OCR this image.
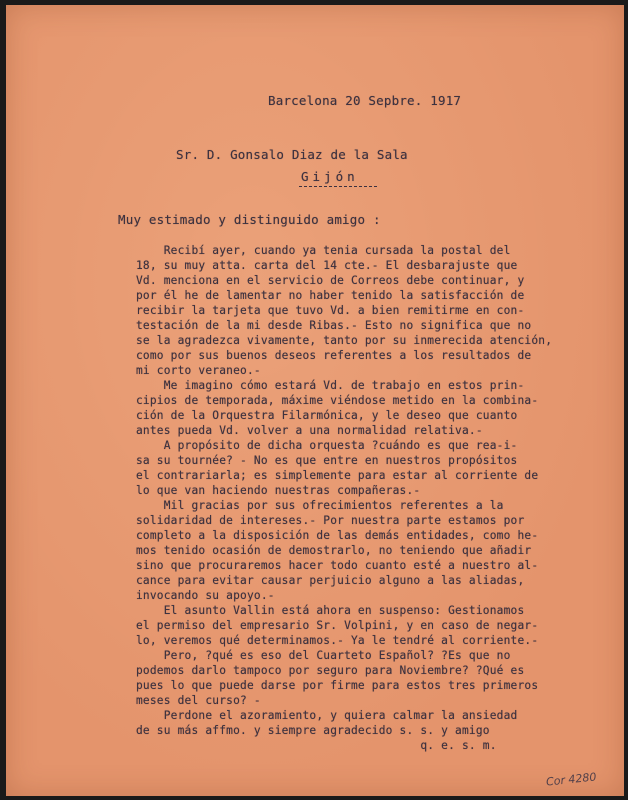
Barcelona 20 Sepbre. 1917
Sr. D. Gonsalo Diaz de la Sala
Gijón
Muy estimado y distinguido amigo :
Recibí ayer, cuando ya tenia cursada la postal del
18, su muy atta. carta del 14 cte.- El desbarajuste que
Vd. menciona en el servicio de Correos debe continuar, y
por él he de lamentar no haber tenido la satisfacción de
recibir la tarjeta que tuvo Vd. a bien remitirme en con-
testación de la mi desde Ribas.- Esto no significa que no
se la agradezca vivamente, tanto por su inmerecida atención,
como por sus buenos deseos referentes a los resultados de
mi corto veraneo.-
Me imagino cómo estará Vd. de trabajo en estos prin-
cipios de temporada, máxime viéndose metido en la combina-
ción de la Orquestra Filarmónica, y le deseo que cuanto
antes pueda Vd. volver a una normalidad relativa.-
A propósito de dicha orquesta ?cuándo es que rea-i-
sa su tournée? - No es que entre en nuestros propósitos
el contrariarla; es simplemente para estar al corriente de
lo que van haciendo nuestras compañeras.-
Mil gracias por sus ofrecimientos referentes a la
solidaridad de intereses.- Por nuestra parte estamos por
completo a la disposición de las demás entidades, como he-
mos tenido ocasión de demostrarlo, no teniendo que añadir
sino que procuraremos hacer todo cuanto esté a nuestro al-
cance para evitar causar perjuicio alguno a las aliadas,
invocando su apoyo.-
El asunto Vallin está ahora en suspenso: Gestionamos
el permiso del empresario Sr. Volpini, y en caso de negar-
lo, veremos qué determinamos.- Ya le tendré al corriente.-
Pero, ?qué es eso del Cuarteto Español? ?Es que no
podemos darlo tampoco por seguro para Noviembre? ?Qué es
pues lo que puede darse por firme para estos tres primeros
meses del curso? -
Perdone el azoramiento, y quiera calmar la ansiedad
de su más affmo. y siempre agradecido s. s. y amigo
q. e. s. m.
Cor 4280
